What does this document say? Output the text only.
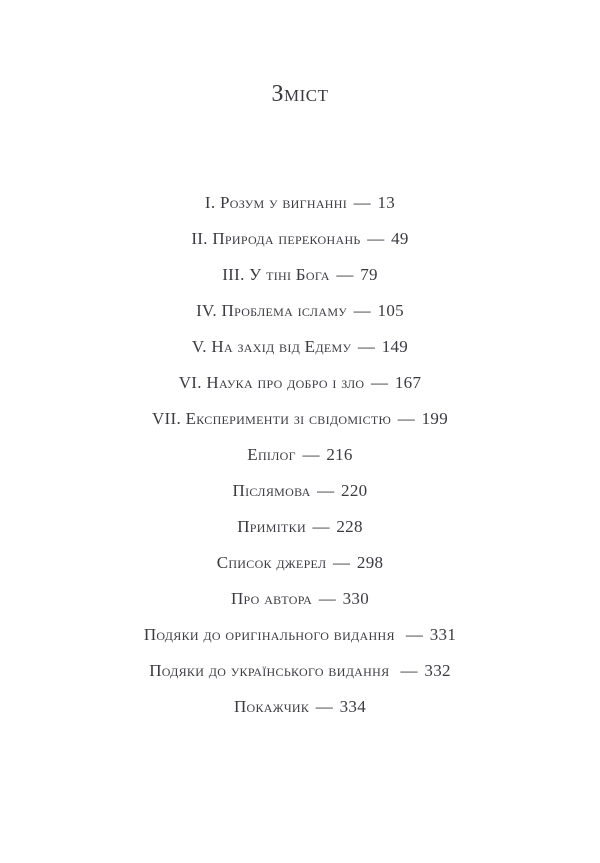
Зміст
I. Розум у вигнанні — 13
II. Природа переконань — 49
III. У тіні Бога — 79
IV. Проблема ісламу — 105
V. На захід від Едему — 149
VI. Наука про добро і зло — 167
VII. Експерименти зі свідомістю — 199
Епілог — 216
Післямова — 220
Примітки — 228
Список джерел — 298
Про автора — 330
Подяки до оригінального видання  — 331
Подяки до українського видання  — 332
Покажчик — 334
